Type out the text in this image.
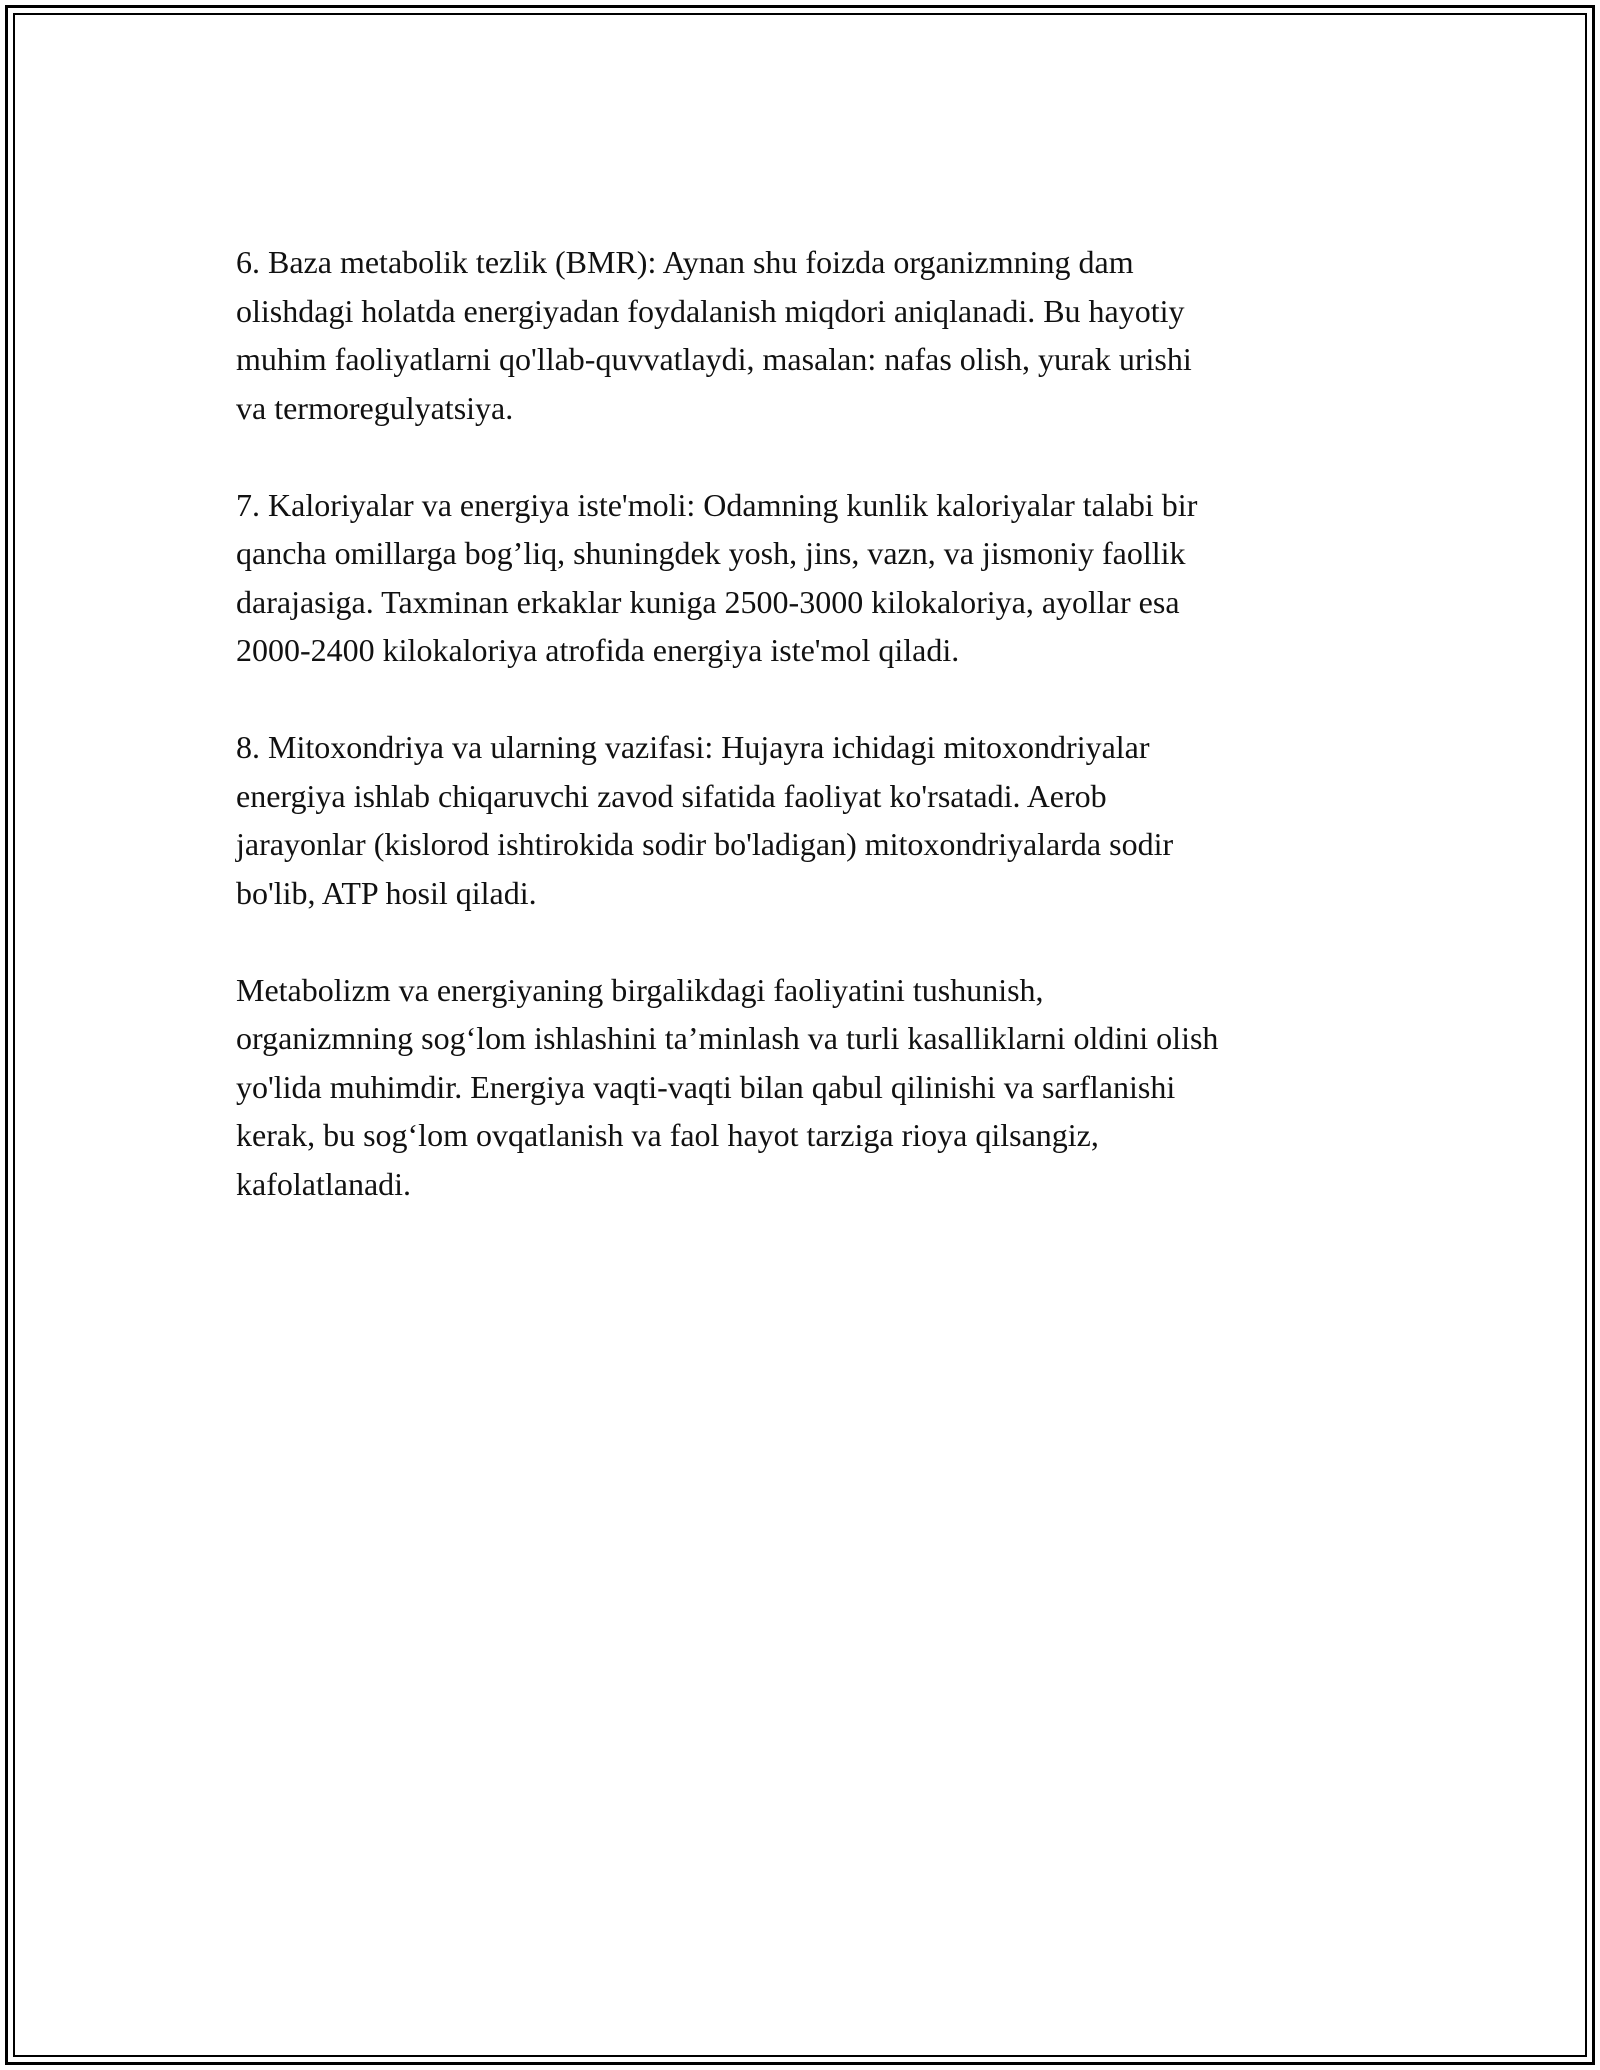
6. Baza metabolik tezlik (BMR): Aynan shu foizda organizmning dam
olishdagi holatda energiyadan foydalanish miqdori aniqlanadi. Bu hayotiy
muhim faoliyatlarni qo'llab-quvvatlaydi, masalan: nafas olish, yurak urishi
va termoregulyatsiya.

7. Kaloriyalar va energiya iste'moli: Odamning kunlik kaloriyalar talabi bir
qancha omillarga bog’liq, shuningdek yosh, jins, vazn, va jismoniy faollik
darajasiga. Taxminan erkaklar kuniga 2500-3000 kilokaloriya, ayollar esa
2000-2400 kilokaloriya atrofida energiya iste'mol qiladi.

8. Mitoxondriya va ularning vazifasi: Hujayra ichidagi mitoxondriyalar
energiya ishlab chiqaruvchi zavod sifatida faoliyat ko'rsatadi. Aerob
jarayonlar (kislorod ishtirokida sodir bo'ladigan) mitoxondriyalarda sodir
bo'lib, ATP hosil qiladi.

Metabolizm va energiyaning birgalikdagi faoliyatini tushunish,
organizmning sog‘lom ishlashini ta’minlash va turli kasalliklarni oldini olish
yo'lida muhimdir. Energiya vaqti-vaqti bilan qabul qilinishi va sarflanishi
kerak, bu sog‘lom ovqatlanish va faol hayot tarziga rioya qilsangiz,
kafolatlanadi.
